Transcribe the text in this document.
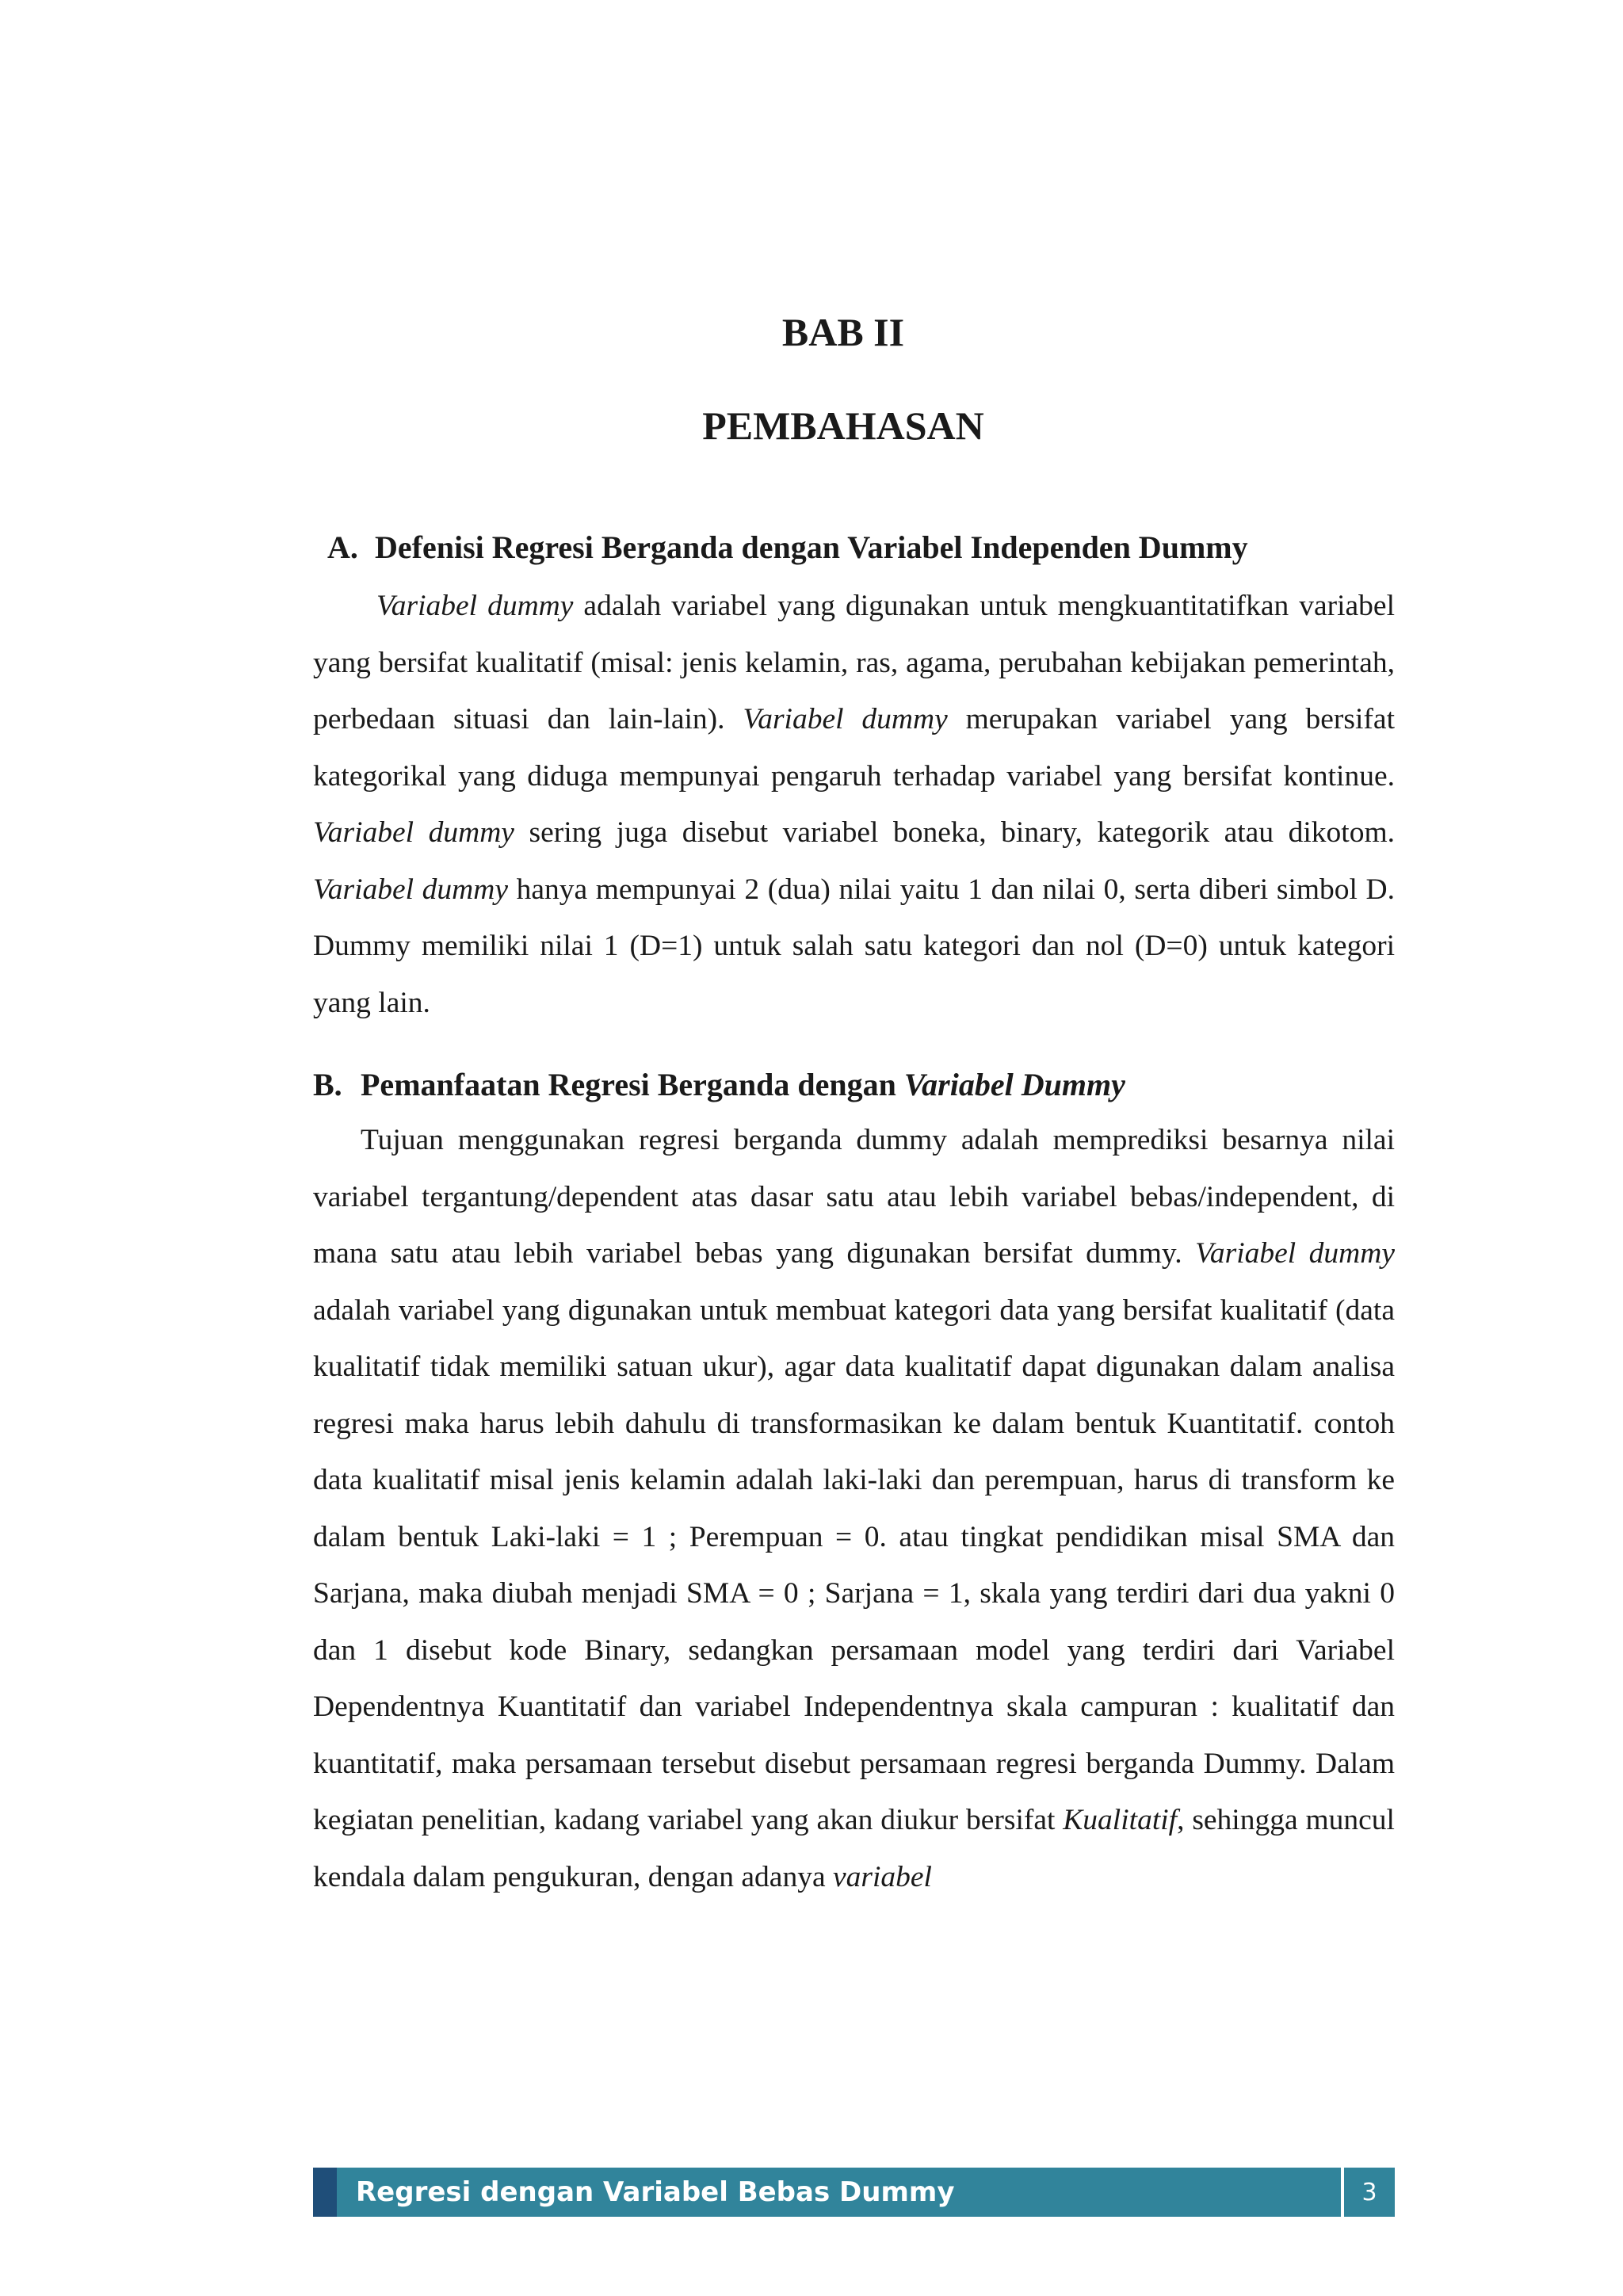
BAB II
PEMBAHASAN
A. Defenisi Regresi Berganda dengan Variabel Independen Dummy

Variabel dummy adalah variabel yang digunakan untuk mengkuantitatifkan variabel yang bersifat kualitatif (misal: jenis kelamin, ras, agama, perubahan kebijakan pemerintah, perbedaan situasi dan lain-lain). Variabel dummy merupakan variabel yang bersifat kategorikal yang diduga mempunyai pengaruh terhadap variabel yang bersifat kontinue. Variabel dummy sering juga disebut variabel boneka, binary, kategorik atau dikotom. Variabel dummy hanya mempunyai 2 (dua) nilai yaitu 1 dan nilai 0, serta diberi simbol D. Dummy memiliki nilai 1 (D=1) untuk salah satu kategori dan nol (D=0) untuk kategori yang lain.

B. Pemanfaatan Regresi Berganda dengan Variabel Dummy

Tujuan menggunakan regresi berganda dummy adalah memprediksi besarnya nilai variabel tergantung/dependent atas dasar satu atau lebih variabel bebas/independent, di mana satu atau lebih variabel bebas yang digunakan bersifat dummy. Variabel dummy adalah variabel yang digunakan untuk membuat kategori data yang bersifat kualitatif (data kualitatif tidak memiliki satuan ukur), agar data kualitatif dapat digunakan dalam analisa regresi maka harus lebih dahulu di transformasikan ke dalam bentuk Kuantitatif. contoh data kualitatif misal jenis kelamin adalah laki-laki dan perempuan, harus di transform ke dalam bentuk Laki-laki = 1 ; Perempuan = 0. atau tingkat pendidikan misal SMA dan Sarjana, maka diubah menjadi SMA = 0 ; Sarjana = 1, skala yang terdiri dari dua yakni 0 dan 1 disebut kode Binary, sedangkan persamaan model yang terdiri dari Variabel Dependentnya Kuantitatif dan variabel Independentnya skala campuran : kualitatif dan kuantitatif, maka persamaan tersebut disebut persamaan regresi berganda Dummy. Dalam kegiatan penelitian, kadang variabel yang akan diukur bersifat Kualitatif, sehingga muncul kendala dalam pengukuran, dengan adanya variabel

Regresi dengan Variabel Bebas Dummy	3
